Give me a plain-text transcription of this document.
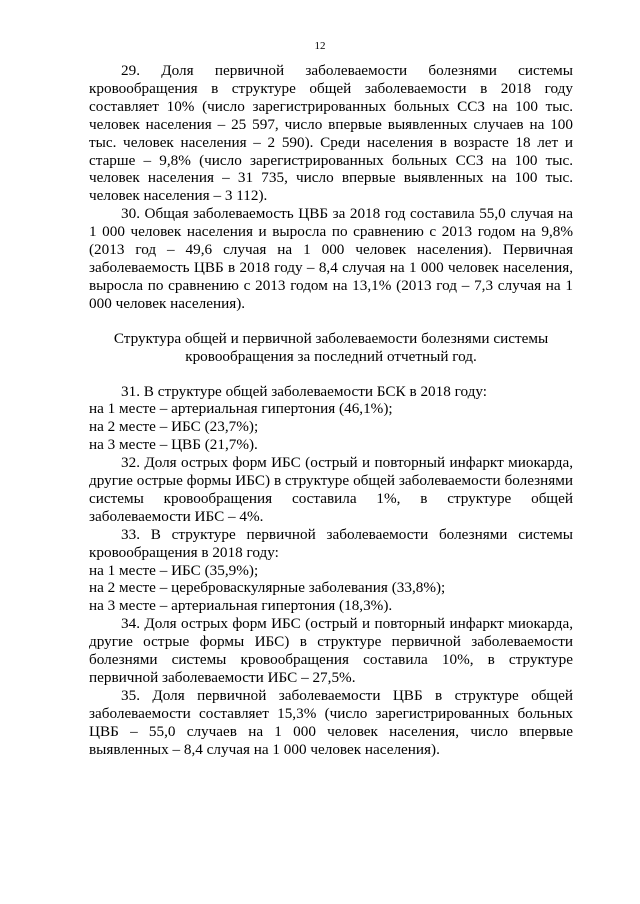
12

29. Доля первичной заболеваемости болезнями системы кровообращения в структуре общей заболеваемости в 2018 году составляет 10% (число зарегистрированных больных ССЗ на 100 тыс. человек населения – 25 597, число впервые выявленных случаев на 100 тыс. человек населения – 2 590). Среди населения в возрасте 18 лет и старше – 9,8% (число зарегистрированных больных ССЗ на 100 тыс. человек населения – 31 735, число впервые выявленных на 100 тыс. человек населения – 3 112).

30. Общая заболеваемость ЦВБ за 2018 год составила 55,0 случая на 1 000 человек населения и выросла по сравнению с 2013 годом на 9,8% (2013 год – 49,6 случая на 1 000 человек населения). Первичная заболеваемость ЦВБ в 2018 году – 8,4 случая на 1 000 человек населения, выросла по сравнению с 2013 годом на 13,1% (2013 год – 7,3 случая на 1 000 человек населения).

Структура общей и первичной заболеваемости болезнями системы кровообращения за последний отчетный год.

31. В структуре общей заболеваемости БСК в 2018 году:

на 1 месте – артериальная гипертония (46,1%);

на 2 месте – ИБС (23,7%);

на 3 месте – ЦВБ (21,7%).

32. Доля острых форм ИБС (острый и повторный инфаркт миокарда, другие острые формы ИБС) в структуре общей заболеваемости болезнями системы кровообращения составила 1%, в структуре общей заболеваемости ИБС – 4%.

33. В структуре первичной заболеваемости болезнями системы кровообращения в 2018 году:

на 1 месте – ИБС (35,9%);

на 2 месте – цереброваскулярные заболевания (33,8%);

на 3 месте – артериальная гипертония (18,3%).

34. Доля острых форм ИБС (острый и повторный инфаркт миокарда, другие острые формы ИБС) в структуре первичной заболеваемости болезнями системы кровообращения составила 10%, в структуре первичной заболеваемости ИБС – 27,5%.

35. Доля первичной заболеваемости ЦВБ в структуре общей заболеваемости составляет 15,3% (число зарегистрированных больных ЦВБ – 55,0 случаев на 1 000 человек населения, число впервые выявленных – 8,4 случая на 1 000 человек населения).
